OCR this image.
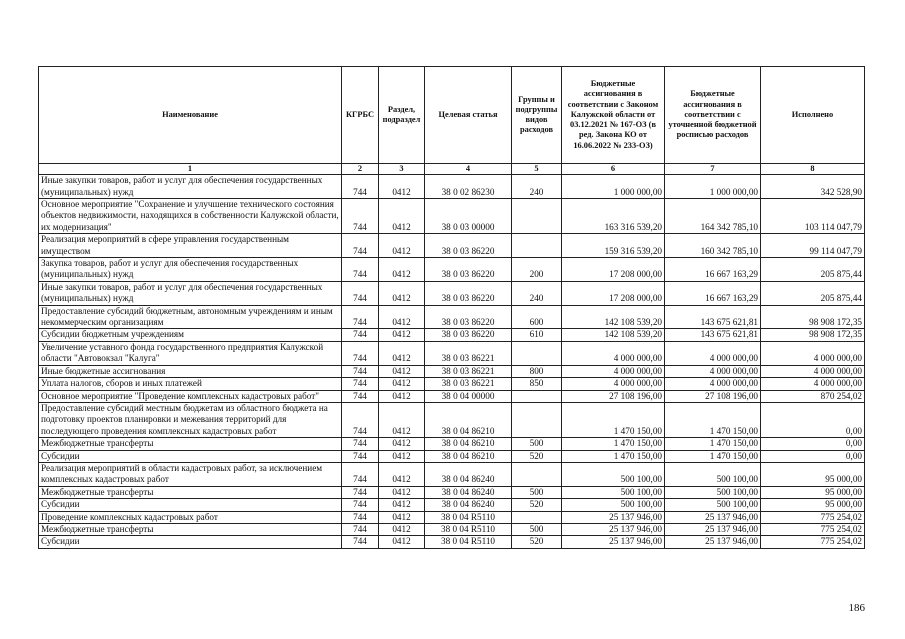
Наименование	КГРБС	Раздел, подраздел	Целевая статья	Группы и подгруппы видов расходов	Бюджетные ассигнования в соответствии с Законом Калужской области от 03.12.2021 № 167-ОЗ (в ред. Закона КО от 16.06.2022 № 233-ОЗ)	Бюджетные ассигнования в соответствии с уточненной бюджетной росписью расходов	Исполнено
1	2	3	4	5	6	7	8
Иные закупки товаров, работ и услуг для обеспечения государственных (муниципальных) нужд	744	0412	38 0 02 86230	240	1 000 000,00	1 000 000,00	342 528,90
Основное мероприятие "Сохранение и улучшение технического состояния объектов недвижимости, находящихся в собственности Калужской области, их модернизация"	744	0412	38 0 03 00000		163 316 539,20	164 342 785,10	103 114 047,79
Реализация мероприятий в сфере управления государственным имуществом	744	0412	38 0 03 86220		159 316 539,20	160 342 785,10	99 114 047,79
Закупка товаров, работ и услуг для обеспечения государственных (муниципальных) нужд	744	0412	38 0 03 86220	200	17 208 000,00	16 667 163,29	205 875,44
Иные закупки товаров, работ и услуг для обеспечения государственных (муниципальных) нужд	744	0412	38 0 03 86220	240	17 208 000,00	16 667 163,29	205 875,44
Предоставление субсидий бюджетным, автономным учреждениям и иным некоммерческим организациям	744	0412	38 0 03 86220	600	142 108 539,20	143 675 621,81	98 908 172,35
Субсидии бюджетным учреждениям	744	0412	38 0 03 86220	610	142 108 539,20	143 675 621,81	98 908 172,35
Увеличение уставного фонда государственного предприятия Калужской области "Автовокзал "Калуга"	744	0412	38 0 03 86221		4 000 000,00	4 000 000,00	4 000 000,00
Иные бюджетные ассигнования	744	0412	38 0 03 86221	800	4 000 000,00	4 000 000,00	4 000 000,00
Уплата налогов, сборов и иных платежей	744	0412	38 0 03 86221	850	4 000 000,00	4 000 000,00	4 000 000,00
Основное мероприятие "Проведение комплексных кадастровых работ"	744	0412	38 0 04 00000		27 108 196,00	27 108 196,00	870 254,02
Предоставление субсидий местным бюджетам из областного бюджета на подготовку проектов планировки и межевания территорий для последующего проведения комплексных кадастровых работ	744	0412	38 0 04 86210		1 470 150,00	1 470 150,00	0,00
Межбюджетные трансферты	744	0412	38 0 04 86210	500	1 470 150,00	1 470 150,00	0,00
Субсидии	744	0412	38 0 04 86210	520	1 470 150,00	1 470 150,00	0,00
Реализация мероприятий в области кадастровых работ, за исключением комплексных кадастровых работ	744	0412	38 0 04 86240		500 100,00	500 100,00	95 000,00
Межбюджетные трансферты	744	0412	38 0 04 86240	500	500 100,00	500 100,00	95 000,00
Субсидии	744	0412	38 0 04 86240	520	500 100,00	500 100,00	95 000,00
Проведение комплексных кадастровых работ	744	0412	38 0 04 R5110		25 137 946,00	25 137 946,00	775 254,02
Межбюджетные трансферты	744	0412	38 0 04 R5110	500	25 137 946,00	25 137 946,00	775 254,02
Субсидии	744	0412	38 0 04 R5110	520	25 137 946,00	25 137 946,00	775 254,02
186
